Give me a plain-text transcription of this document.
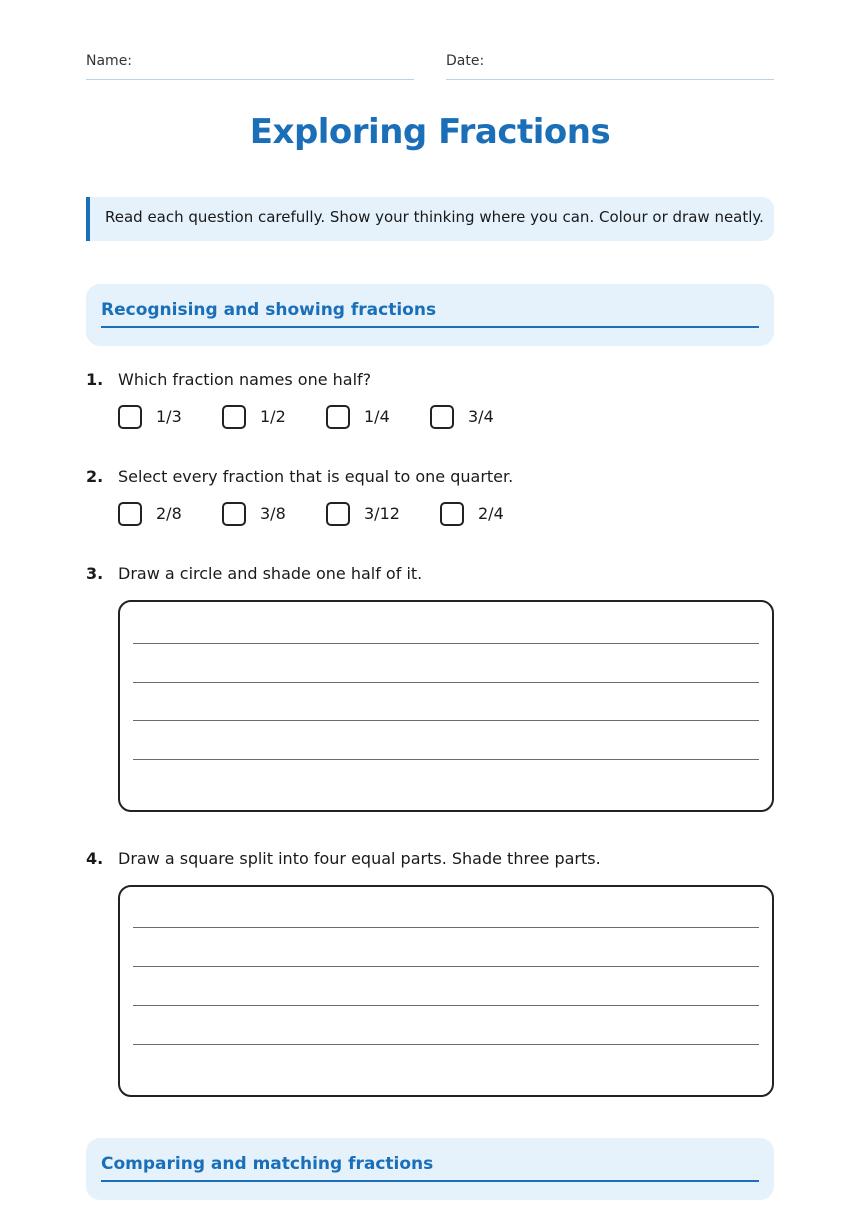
Name:	Date:
Exploring Fractions
Read each question carefully. Show your thinking where you can. Colour or draw neatly.
Recognising and showing fractions
1. Which fraction names one half?
1/3	1/2	1/4	3/4
2. Select every fraction that is equal to one quarter.
2/8	3/8	3/12	2/4
3. Draw a circle and shade one half of it.
4. Draw a square split into four equal parts. Shade three parts.
Comparing and matching fractions
